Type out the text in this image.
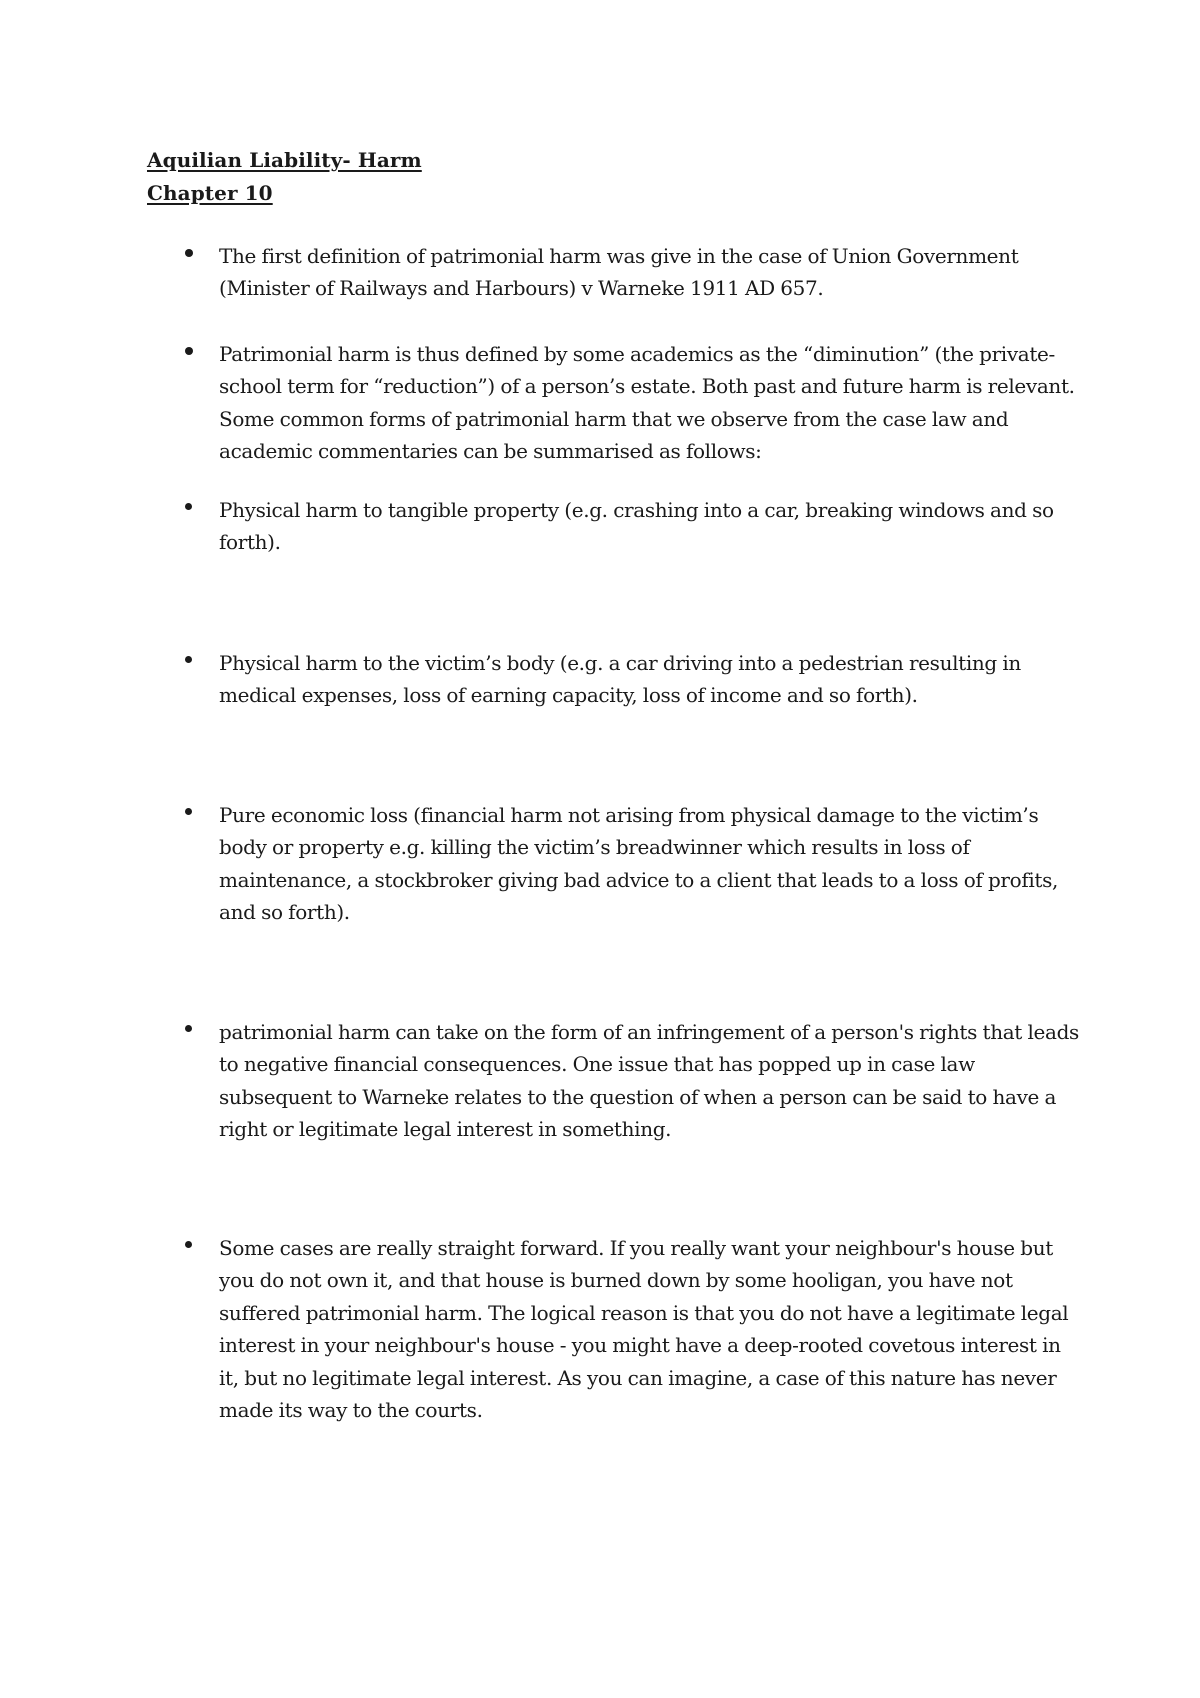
Aquilian Liability- Harm
Chapter 10
The first definition of patrimonial harm was give in the case of Union Government (Minister of Railways and Harbours) v Warneke 1911 AD 657.
Patrimonial harm is thus defined by some academics as the “diminution” (the private-school term for “reduction”) of a person’s estate. Both past and future harm is relevant. Some common forms of patrimonial harm that we observe from the case law and academic commentaries can be summarised as follows:
Physical harm to tangible property (e.g. crashing into a car, breaking windows and so forth).
Physical harm to the victim’s body (e.g. a car driving into a pedestrian resulting in medical expenses, loss of earning capacity, loss of income and so forth).
Pure economic loss (financial harm not arising from physical damage to the victim’s body or property e.g. killing the victim’s breadwinner which results in loss of maintenance, a stockbroker giving bad advice to a client that leads to a loss of profits, and so forth).
patrimonial harm can take on the form of an infringement of a person's rights that leads to negative financial consequences. One issue that has popped up in case law subsequent to Warneke relates to the question of when a person can be said to have a right or legitimate legal interest in something.
Some cases are really straight forward. If you really want your neighbour's house but you do not own it, and that house is burned down by some hooligan, you have not suffered patrimonial harm. The logical reason is that you do not have a legitimate legal interest in your neighbour's house - you might have a deep-rooted covetous interest in it, but no legitimate legal interest. As you can imagine, a case of this nature has never made its way to the courts.
